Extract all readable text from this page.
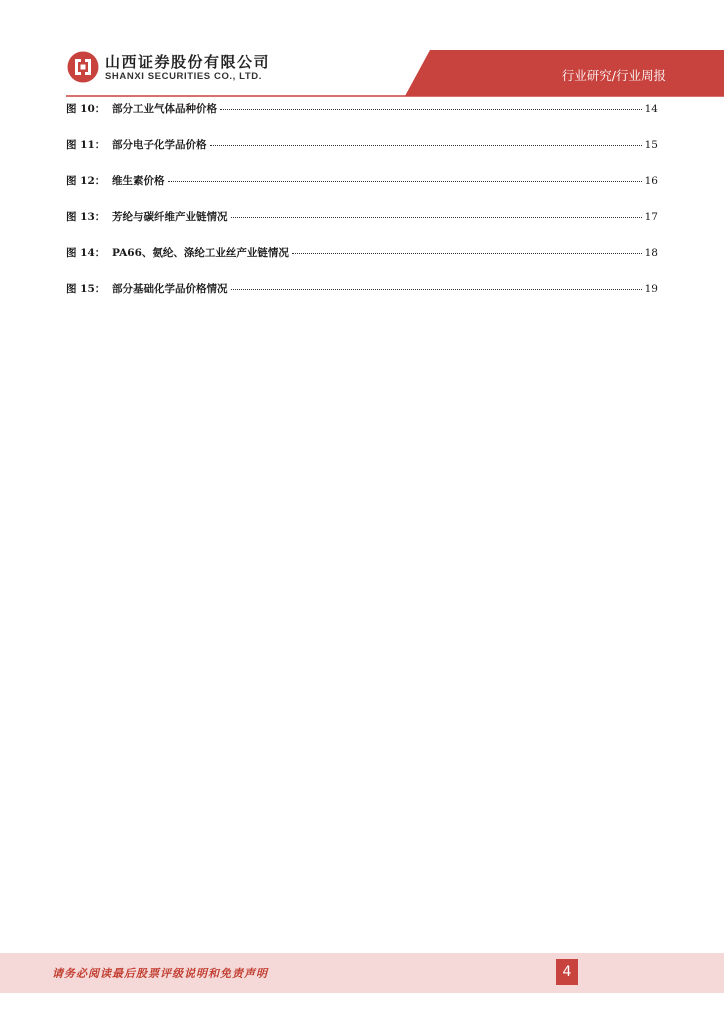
山西证券股份有限公司
SHANXI SECURITIES CO., LTD.	行业研究/行业周报
图 10： 部分工业气体品种价格	14
图 11： 部分电子化学品价格	15
图 12： 维生素价格	16
图 13： 芳纶与碳纤维产业链情况	17
图 14： PA66、氨纶、涤纶工业丝产业链情况	18
图 15： 部分基础化学品价格情况	19
请务必阅读最后股票评级说明和免责声明	4
